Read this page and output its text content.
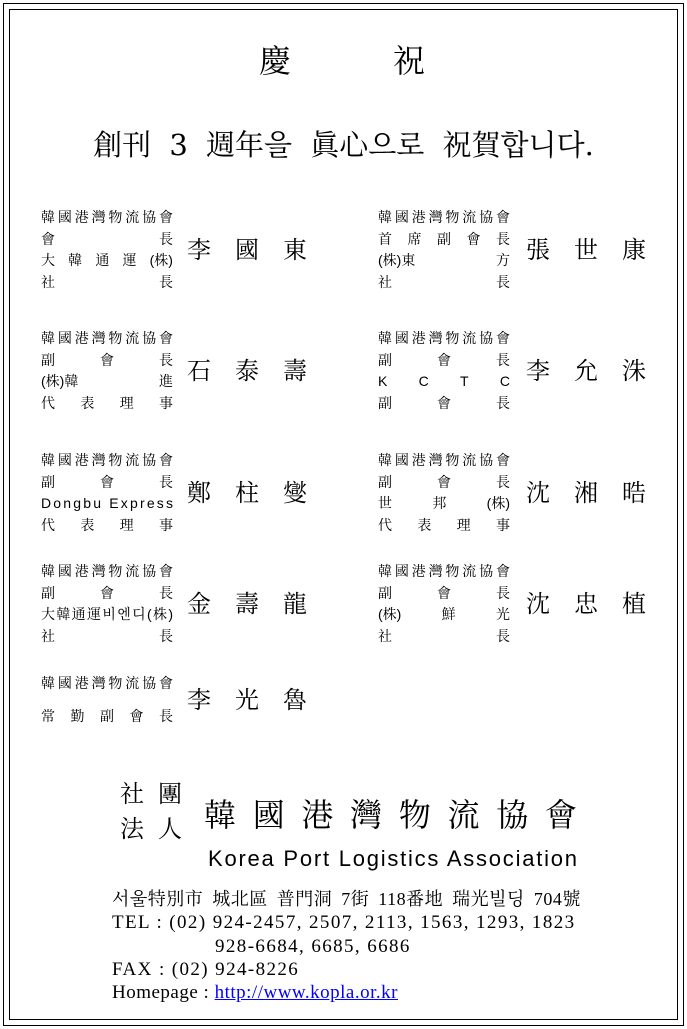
慶	祝
創刊 3 週年을 眞心으로 祝賀합니다.
韓國港灣物流協會
會	長
大 韓 通 運 (株)
社	長
李 國 東
韓國港灣物流協會
首 席 副 會 長
(株)東	方
社	長
張 世 康
韓國港灣物流協會
副	會	長
(株)韓	進
代 表 理 事
石 泰 壽
韓國港灣物流協會
副	會	長
K C T C
副	會	長
李 允 洙
韓國港灣物流協會
副	會	長
Dongbu Express
代 表 理 事
鄭 柱 燮
韓國港灣物流協會
副	會	長
世	邦	(株)
代 表 理 事
沈 湘 晧
韓國港灣物流協會
副	會	長
大韓通運비엔디(株)
社	長
金 壽 龍
韓國港灣物流協會
副	會	長
(株)	鮮	光
社	長
沈 忠 植
韓國港灣物流協會
常 勤 副 會 長
李 光 魯
社 團
法 人 韓 國 港 灣 物 流 協 會
Korea Port Logistics Association
서울特別市 城北區 普門洞 7街 118番地 瑞光빌딩 704號
TEL : (02) 924-2457, 2507, 2113, 1563, 1293, 1823
928-6684, 6685, 6686
FAX : (02) 924-8226
Homepage : http://www.kopla.or.kr
